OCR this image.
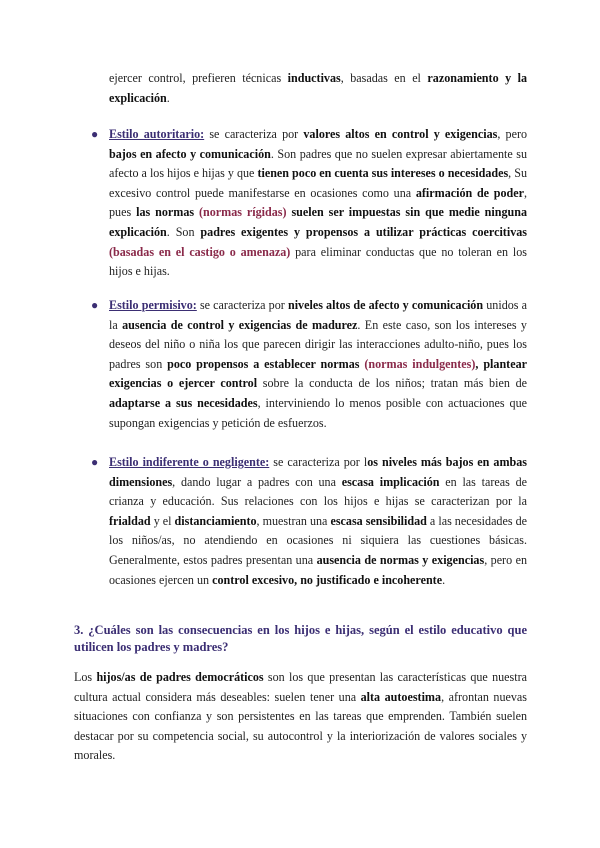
ejercer control, prefieren técnicas inductivas, basadas en el razonamiento y la explicación.
● Estilo autoritario: se caracteriza por valores altos en control y exigencias, pero bajos en afecto y comunicación. Son padres que no suelen expresar abiertamente su afecto a los hijos e hijas y que tienen poco en cuenta sus intereses o necesidades, Su excesivo control puede manifestarse en ocasiones como una afirmación de poder, pues las normas (normas rígidas) suelen ser impuestas sin que medie ninguna explicación. Son padres exigentes y propensos a utilizar prácticas coercitivas (basadas en el castigo o amenaza) para eliminar conductas que no toleran en los hijos e hijas.
● Estilo permisivo: se caracteriza por niveles altos de afecto y comunicación unidos a la ausencia de control y exigencias de madurez. En este caso, son los intereses y deseos del niño o niña los que parecen dirigir las interacciones adulto-niño, pues los padres son poco propensos a establecer normas (normas indulgentes), plantear exigencias o ejercer control sobre la conducta de los niños; tratan más bien de adaptarse a sus necesidades, interviniendo lo menos posible con actuaciones que supongan exigencias y petición de esfuerzos.
● Estilo indiferente o negligente: se caracteriza por los niveles más bajos en ambas dimensiones, dando lugar a padres con una escasa implicación en las tareas de crianza y educación. Sus relaciones con los hijos e hijas se caracterizan por la frialdad y el distanciamiento, muestran una escasa sensibilidad a las necesidades de los niños/as, no atendiendo en ocasiones ni siquiera las cuestiones básicas. Generalmente, estos padres presentan una ausencia de normas y exigencias, pero en ocasiones ejercen un control excesivo, no justificado e incoherente.
3. ¿Cuáles son las consecuencias en los hijos e hijas, según el estilo educativo que utilicen los padres y madres?
Los hijos/as de padres democráticos son los que presentan las características que nuestra cultura actual considera más deseables: suelen tener una alta autoestima, afrontan nuevas situaciones con confianza y son persistentes en las tareas que emprenden. También suelen destacar por su competencia social, su autocontrol y la interiorización de valores sociales y morales.
